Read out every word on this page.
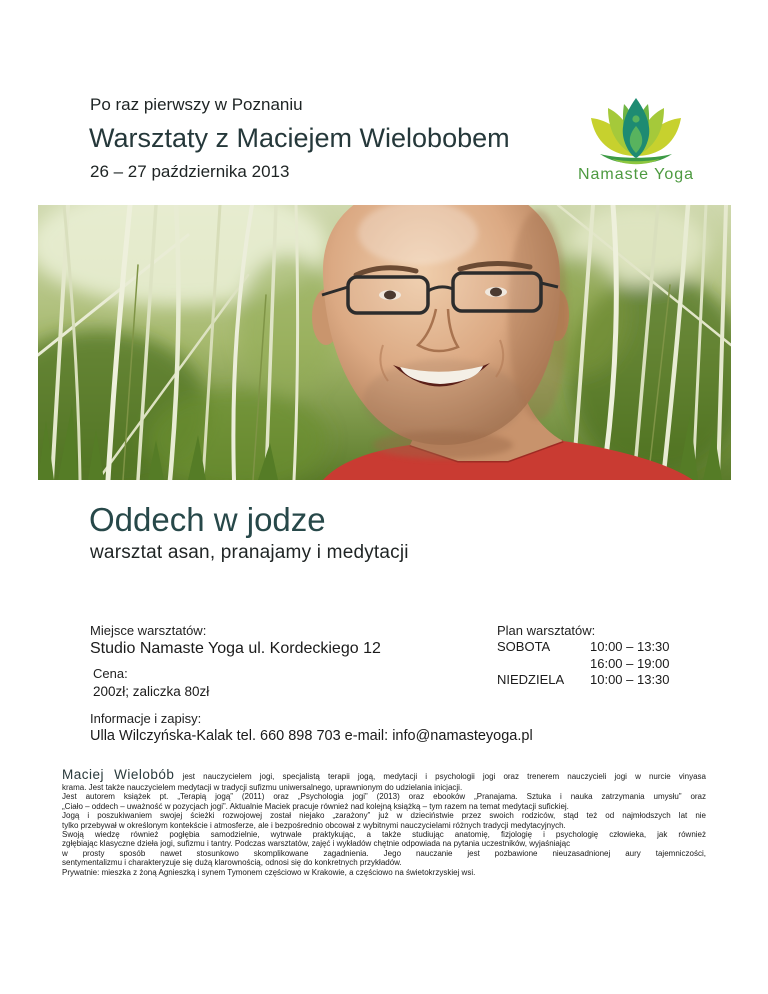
Po raz pierwszy w Poznaniu
Warsztaty z Maciejem Wielobobem
26 – 27 października 2013	Namaste Yoga
Oddech w jodze
warsztat asan, pranajamy i medytacji
Miejsce warsztatów:
Studio Namaste Yoga ul. Kordeckiego 12
Cena:
200zł; zaliczka 80zł
Plan warsztatów:
SOBOTA	10:00 – 13:30
16:00 – 19:00
NIEDZIELA 10:00 – 13:30
Informacje i zapisy:
Ulla Wilczyńska-Kalak tel. 660 898 703 e-mail: info@namasteyoga.pl
Maciej Wielobób jest nauczycielem jogi, specjalistą terapii jogą, medytacji i psychologii jogi oraz trenerem nauczycieli jogi w nurcie vinyasa
krama. Jest także nauczycielem medytacji w tradycji sufizmu uniwersalnego, uprawnionym do udzielania inicjacji.
Jest autorem książek pt. „Terapią jogą” (2011) oraz „Psychologia jogi” (2013) oraz ebooków „Pranajama. Sztuka i nauka zatrzymania umysłu” oraz
„Ciało – oddech – uważność w pozycjach jogi”. Aktualnie Maciek pracuje również nad kolejną książką – tym razem na temat medytacji sufickiej.
Jogą i poszukiwaniem swojej ścieżki rozwojowej został niejako „zarażony” już w dzieciństwie przez swoich rodziców, stąd też od najmłodszych lat nie
tylko przebywał w określonym kontekście i atmosferze, ale i bezpośrednio obcował z wybitnymi nauczycielami różnych tradycji medytacyjnych.
Swoją wiedzę również pogłębia samodzielnie, wytrwale praktykując, a także studiując anatomię, fizjologię i psychologię człowieka, jak również
zgłębiając klasyczne dzieła jogi, sufizmu i tantry. Podczas warsztatów, zajęć i wykładów chętnie odpowiada na pytania uczestników, wyjaśniając
w prosty sposób nawet stosunkowo skomplikowane zagadnienia. Jego nauczanie jest pozbawione nieuzasadnionej aury tajemniczości,
sentymentalizmu i charakteryzuje się dużą klarownością, odnosi się do konkretnych przykładów.
Prywatnie: mieszka z żoną Agnieszką i synem Tymonem częściowo w Krakowie, a częściowo na świetokrzyskiej wsi.
